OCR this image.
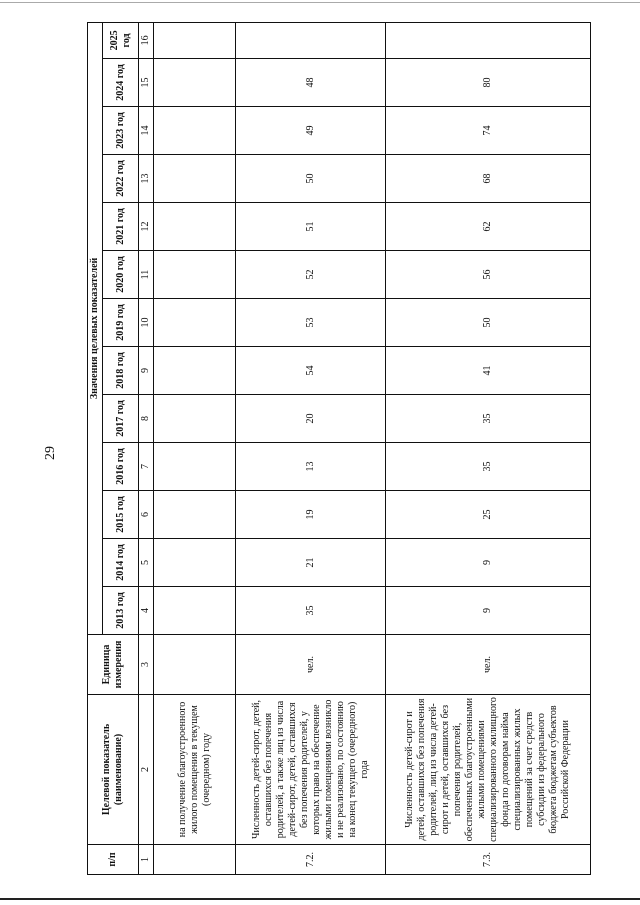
29
п/п	Целевой показатель (наименование)	Единица измерения	Значения целевых показателей												
			2013 год	2014 год	2015 год	2016 год	2017 год	2018 год	2019 год	2020 год	2021 год	2022 год	2023 год	2024 год	2025 год
1	2	3	4	5	6	7	8	9	10	11	12	13	14	15	16
	на получение благоустроенного жилого помещения в текущем (очередном) году														
7.2.	Численность детей-сирот, детей, оставшихся без попечения родителей, а также лиц из числа детей-сирот, детей, оставшихся без попечения родителей, у которых право на обеспечение жилыми помещениями возникло и не реализовано, по состоянию на конец текущего (очередного) года	чел.	35	21	19	13	20	54	53	52	51	50	49	48	
7.3.	Численность детей-сирот и детей, оставшихся без попечения родителей, лиц из числа детей-сирот и детей, оставшихся без попечения родителей, обеспеченных благоустроенными жилыми помещениями специализированного жилищного фонда по договорам найма специализированных жилых помещений за счет средств субсидии из федерального бюджета бюджетам субъектов Российской Федерации	чел.	9	9	25	35	35	41	50	56	62	68	74	80	
